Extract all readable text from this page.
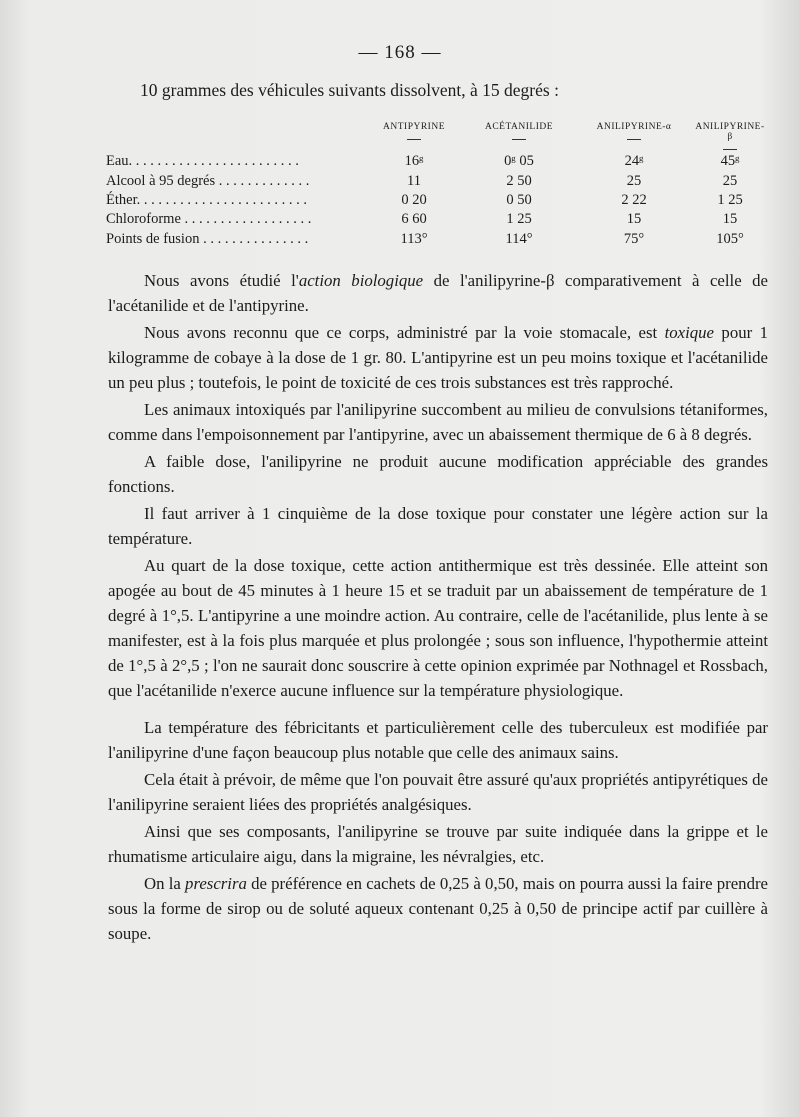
— 168 —
10 grammes des véhicules suivants dissolvent, à 15 degrés :
	ANTIPYRINE	ACÉTANILIDE	ANILIPYRINE-α	ANILIPYRINE-β

Eau. . . . . . . . . . . . . . . . . . . . . . . .	16ᵍ	0ᵍ 05	24ᵍ	45ᵍ
Alcool à 95 degrés . . . . . . . . . . . . .	11	2 50	25	25
Éther. . . . . . . . . . . . . . . . . . . . . . . .	0 20	0 50	2 22	1 25
Chloroforme . . . . . . . . . . . . . . . . . .	6 60	1 25	15	15
Points de fusion . . . . . . . . . . . . . . .	113°	114°	75°	105°

Nous avons étudié l'action biologique de l'anilipyrine-β comparativement à celle de l'acétanilide et de l'antipyrine.

Nous avons reconnu que ce corps, administré par la voie stomacale, est toxique pour 1 kilogramme de cobaye à la dose de 1 gr. 80. L'antipyrine est un peu moins toxique et l'acétanilide un peu plus ; toutefois, le point de toxicité de ces trois substances est très rapproché.

Les animaux intoxiqués par l'anilipyrine succombent au milieu de convulsions tétaniformes, comme dans l'empoisonnement par l'antipyrine, avec un abaissement thermique de 6 à 8 degrés.

A faible dose, l'anilipyrine ne produit aucune modification appréciable des grandes fonctions.

Il faut arriver à 1 cinquième de la dose toxique pour constater une légère action sur la température.

Au quart de la dose toxique, cette action antithermique est très dessinée. Elle atteint son apogée au bout de 45 minutes à 1 heure 15 et se traduit par un abaissement de température de 1 degré à 1°,5. L'antipyrine a une moindre action. Au contraire, celle de l'acétanilide, plus lente à se manifester, est à la fois plus marquée et plus prolongée ; sous son influence, l'hypothermie atteint de 1°,5 à 2°,5 ; l'on ne saurait donc souscrire à cette opinion exprimée par Nothnagel et Rossbach, que l'acétanilide n'exerce aucune influence sur la température physiologique.

La température des fébricitants et particulièrement celle des tuberculeux est modifiée par l'anilipyrine d'une façon beaucoup plus notable que celle des animaux sains.

Cela était à prévoir, de même que l'on pouvait être assuré qu'aux propriétés antipyrétiques de l'anilipyrine seraient liées des propriétés analgésiques.

Ainsi que ses composants, l'anilipyrine se trouve par suite indiquée dans la grippe et le rhumatisme articulaire aigu, dans la migraine, les névralgies, etc.

On la prescrira de préférence en cachets de 0,25 à 0,50, mais on pourra aussi la faire prendre sous la forme de sirop ou de soluté aqueux contenant 0,25 à 0,50 de principe actif par cuillère à soupe.
